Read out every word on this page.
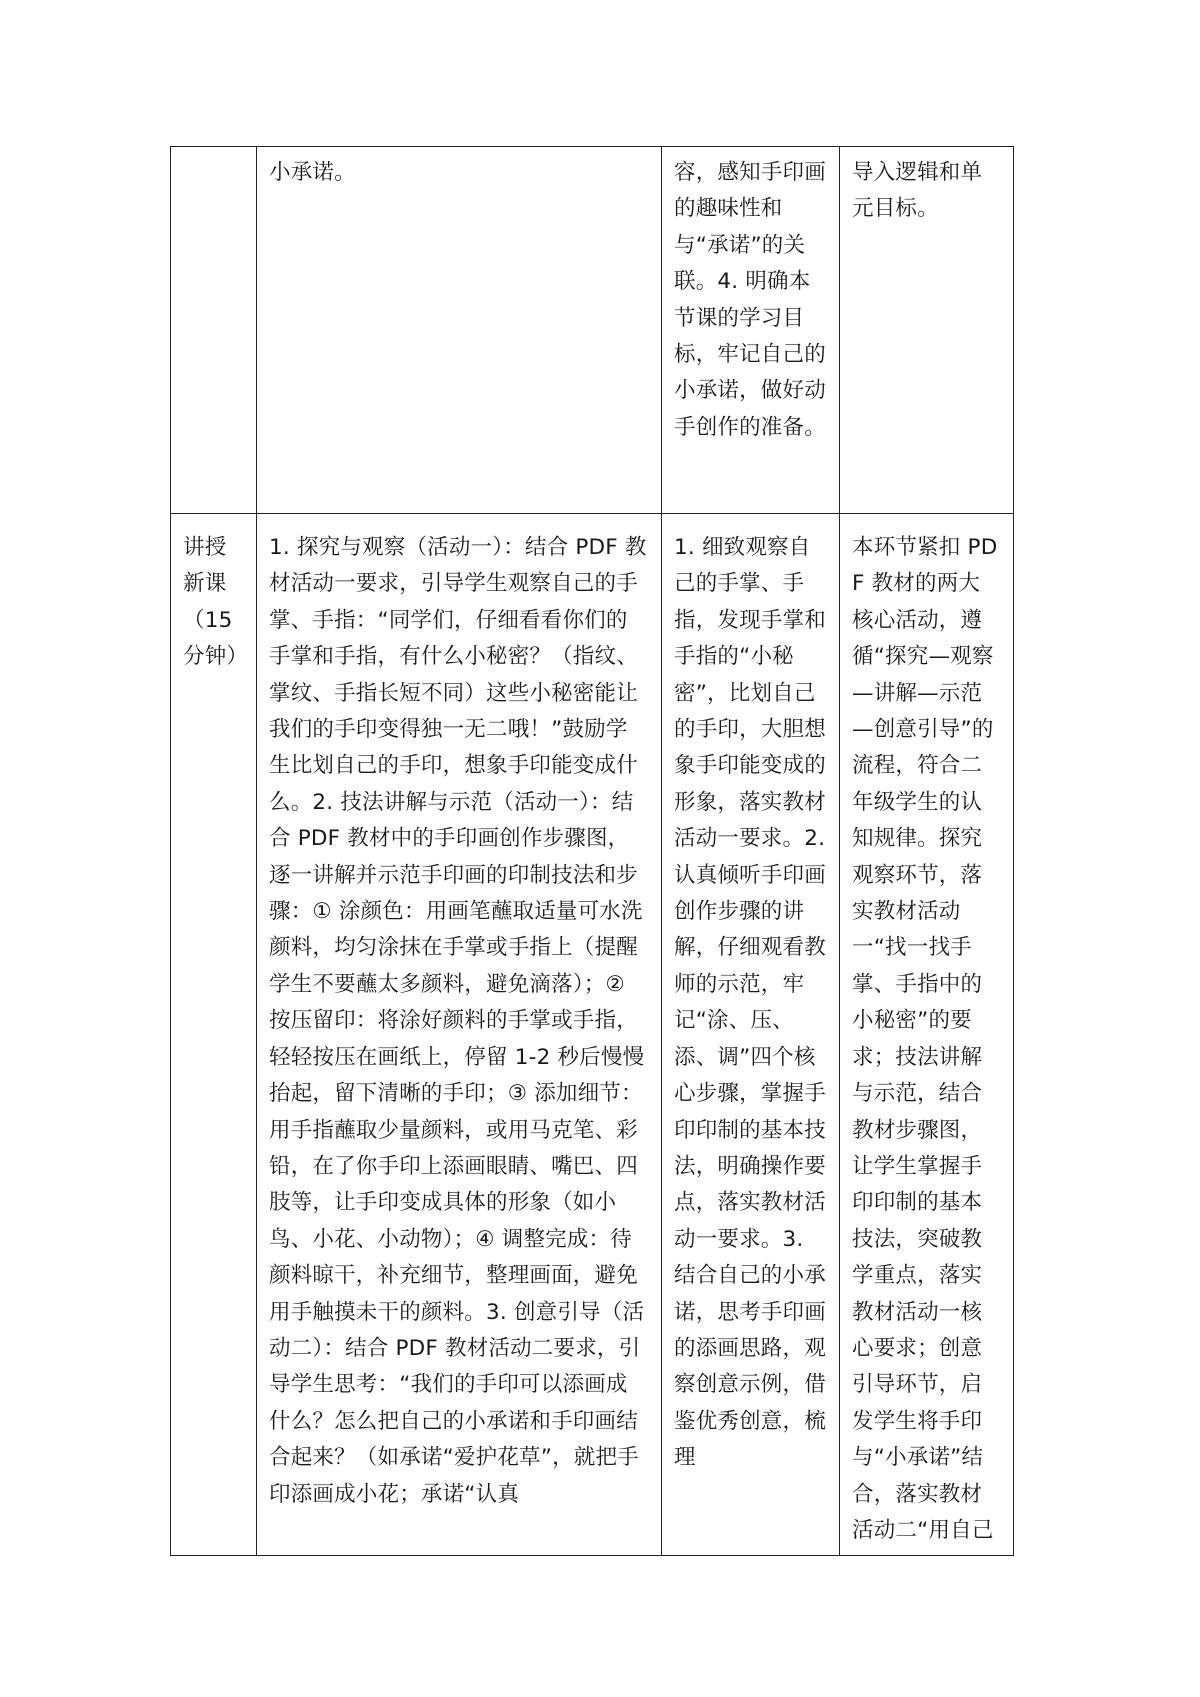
	小承诺。	容，感知手印画的趣味性和与“承诺”的关联。4. 明确本节课的学习目标，牢记自己的小承诺，做好动手创作的准备。	导入逻辑和单元目标。

讲授新课（15分钟）	1. 探究与观察（活动一）：结合 PDF 教材活动一要求，引导学生观察自己的手掌、手指：“同学们，仔细看看你们的手掌和手指，有什么小秘密？（指纹、掌纹、手指长短不同）这些小秘密能让我们的手印变得独一无二哦！”鼓励学生比划自己的手印，想象手印能变成什么。2. 技法讲解与示范（活动一）：结合 PDF 教材中的手印画创作步骤图，逐一讲解并示范手印画的印制技法和步骤：① 涂颜色：用画笔蘸取适量可水洗颜料，均匀涂抹在手掌或手指上（提醒学生不要蘸太多颜料，避免滴落）；② 按压留印：将涂好颜料的手掌或手指，轻轻按压在画纸上，停留 1-2 秒后慢慢抬起，留下清晰的手印；③ 添加细节：用手指蘸取少量颜料，或用马克笔、彩铅，在了你手印上添画眼睛、嘴巴、四肢等，让手印变成具体的形象（如小鸟、小花、小动物）；④ 调整完成：待颜料晾干，补充细节，整理画面，避免用手触摸未干的颜料。3. 创意引导（活动二）：结合 PDF 教材活动二要求，引导学生思考：“我们的手印可以添画成什么？怎么把自己的小承诺和手印画结合起来？（如承诺“爱护花草”，就把手印添画成小花；承诺“认真	1. 细致观察自己的手掌、手指，发现手掌和手指的“小秘密”，比划自己的手印，大胆想象手印能变成的形象，落实教材活动一要求。2. 认真倾听手印画创作步骤的讲解，仔细观看教师的示范，牢记“涂、压、添、调”四个核心步骤，掌握手印印制的基本技法，明确操作要点，落实教材活动一要求。3. 结合自己的小承诺，思考手印画的添画思路，观察创意示例，借鉴优秀创意，梳理	本环节紧扣 PDF 教材的两大核心活动，遵循“探究—观察—讲解—示范—创意引导”的流程，符合二年级学生的认知规律。探究观察环节，落实教材活动一“找一找手掌、手指中的小秘密”的要求；技法讲解与示范，结合教材步骤图，让学生掌握手印印制的基本技法，突破教学重点，落实教材活动一核心要求；创意引导环节，启发学生将手印与“小承诺”结合，落实教材活动二“用自己
